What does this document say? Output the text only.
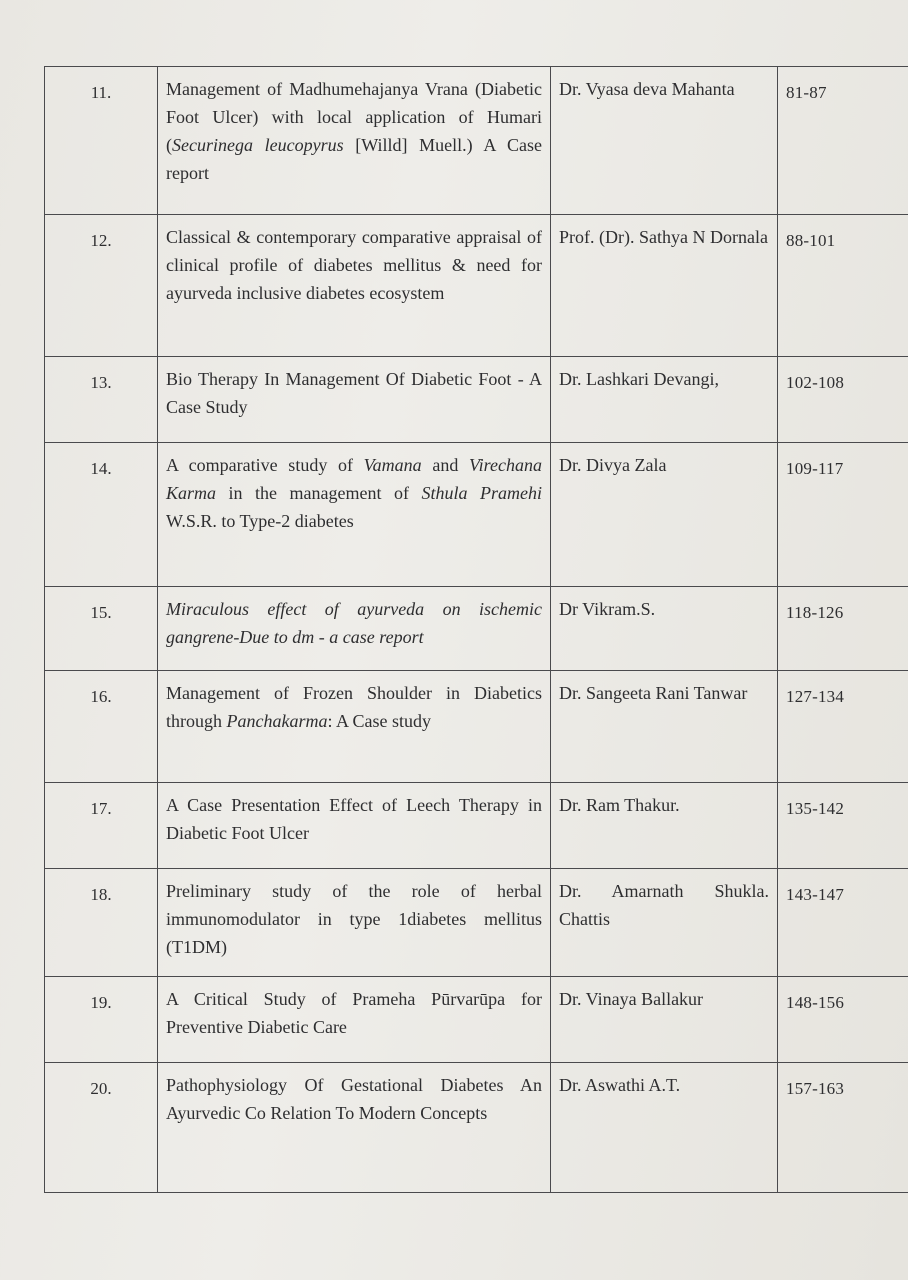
11.	Management of Madhumehajanya Vrana (Diabetic Foot Ulcer) with local application of Humari (Securinega leucopyrus [Willd] Muell.) A Case report	Dr. Vyasa deva Mahanta	81-87
12.	Classical & contemporary comparative appraisal of clinical profile of diabetes mellitus & need for ayurveda inclusive diabetes ecosystem	Prof. (Dr). Sathya N Dornala	88-101
13.	Bio Therapy In Management Of Diabetic Foot - A Case Study	Dr. Lashkari Devangi,	102-108
14.	A comparative study of Vamana and Virechana Karma in the management of Sthula Pramehi W.S.R. to Type-2 diabetes	Dr. Divya Zala	109-117
15.	Miraculous effect of ayurveda on ischemic gangrene-Due to dm - a case report	Dr Vikram.S.	118-126
16.	Management of Frozen Shoulder in Diabetics through Panchakarma: A Case study	Dr. Sangeeta Rani Tanwar	127-134
17.	A Case Presentation Effect of Leech Therapy in Diabetic Foot Ulcer	Dr. Ram Thakur.	135-142
18.	Preliminary study of the role of herbal immunomodulator in type 1diabetes mellitus (T1DM)	Dr. Amarnath Shukla. Chattis	143-147
19.	A Critical Study of Prameha Pūrvarūpa for Preventive Diabetic Care	Dr. Vinaya Ballakur	148-156
20.	Pathophysiology Of Gestational Diabetes An Ayurvedic Co Relation To Modern Concepts	Dr. Aswathi A.T.	157-163
